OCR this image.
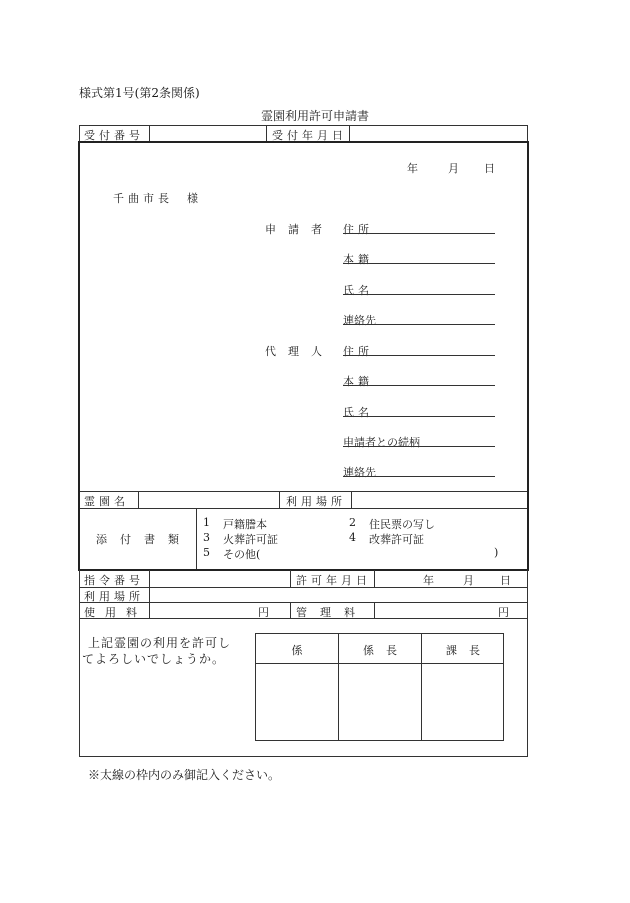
様式第1号(第2条関係)
霊園利用許可申請書
受付番号	受付年月日
年	月 日
千曲市長 様
申請者 住所
本籍
氏名
連絡先
代理人 住所
本籍
氏名
申請者との続柄
連絡先
霊園名	利用場所
添付書類
1 戸籍謄本	2 住民票の写し
3 火葬許可証	4 改葬許可証
5 その他(	)
指令番号	許可年月日	年	月 日
利用場所
使用料	円 管理料	円
上記霊園の利用を許可し
てよろしいでしょうか。
係	係長	課長
※太線の枠内のみ御記入ください。
